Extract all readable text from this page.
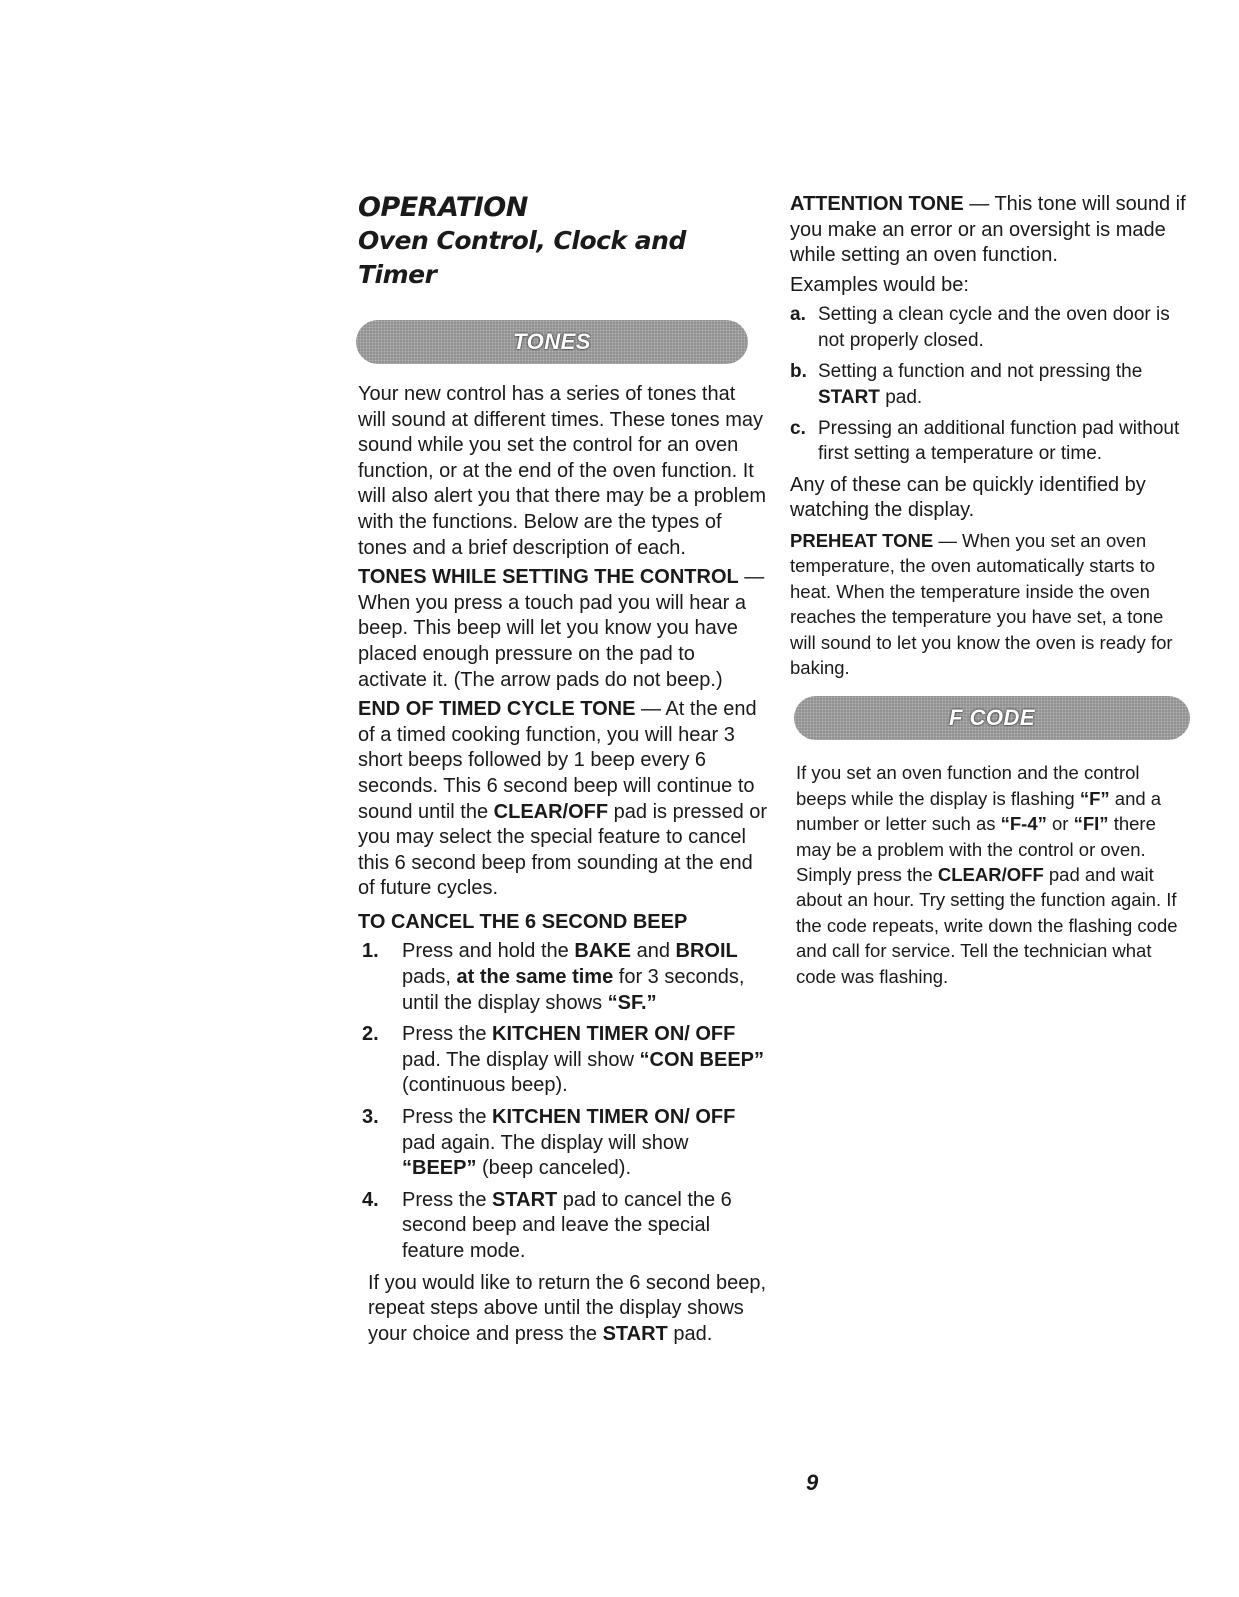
OPERATION
Oven Control, Clock and Timer
TONES

Your new control has a series of tones that will sound at different times. These tones may sound while you set the control for an oven function, or at the end of the oven function. It will also alert you that there may be a problem with the functions. Below are the types of tones and a brief description of each.

TONES WHILE SETTING THE CONTROL — When you press a touch pad you will hear a beep. This beep will let you know you have placed enough pressure on the pad to activate it. (The arrow pads do not beep.)

END OF TIMED CYCLE TONE — At the end of a timed cooking function, you will hear 3 short beeps followed by 1 beep every 6 seconds. This 6 second beep will continue to sound until the CLEAR/OFF pad is pressed or you may select the special feature to cancel this 6 second beep from sounding at the end of future cycles.

TO CANCEL THE 6 SECOND BEEP

1. Press and hold the BAKE and BROIL pads, at the same time for 3 seconds, until the display shows “SF.”
2. Press the KITCHEN TIMER ON/ OFF pad. The display will show “CON BEEP” (continuous beep).
3. Press the KITCHEN TIMER ON/ OFF pad again. The display will show “BEEP” (beep canceled).
4. Press the START pad to cancel the 6 second beep and leave the special feature mode.

If you would like to return the 6 second beep, repeat steps above until the display shows your choice and press the START pad.

ATTENTION TONE — This tone will sound if you make an error or an oversight is made while setting an oven function.

Examples would be:

a. Setting a clean cycle and the oven door is not properly closed.
b. Setting a function and not pressing the START pad.
c. Pressing an additional function pad without first setting a temperature or time.

Any of these can be quickly identified by watching the display.

PREHEAT TONE — When you set an oven temperature, the oven automatically starts to heat. When the temperature inside the oven reaches the temperature you have set, a tone will sound to let you know the oven is ready for baking.

F CODE

If you set an oven function and the control beeps while the display is flashing “F” and a number or letter such as “F-4” or “FI” there may be a problem with the control or oven. Simply press the CLEAR/OFF pad and wait about an hour. Try setting the function again. If the code repeats, write down the flashing code and call for service. Tell the technician what code was flashing.

9
